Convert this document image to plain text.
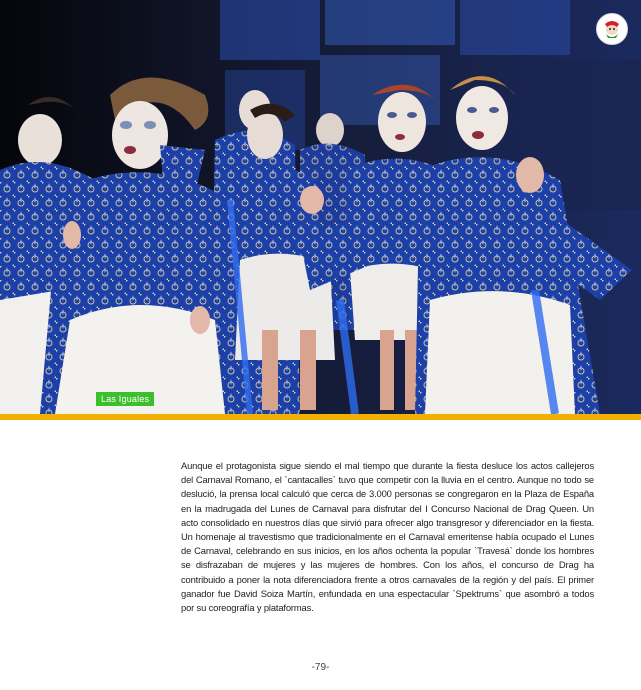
Las Iguales

Aunque el protagonista sigue siendo el mal tiempo que durante la fiesta desluce los actos callejeros del Carnaval Romano, el `cantacalles` tuvo que competir con la lluvia en el centro. Aunque no todo se deslució, la prensa local calculó que cerca de 3.000 personas se congregaron en la Plaza de España en la madrugada del Lunes de Carnaval para disfrutar del I Concurso Nacional de Drag Queen. Un acto consolidado en nuestros días que sirvió para ofrecer algo transgresor y diferenciador en la fiesta. Un homenaje al travestismo que tradicionalmente en el Carnaval emeritense había ocupado el Lunes de Carnaval, celebrando en sus inicios, en los años ochenta la popular `Travesá` donde los hombres se disfrazaban de mujeres y las mujeres de hombres. Con los años, el concurso de Drag ha contribuido a poner la nota diferenciadora frente a otros carnavales de la región y del país. El primer ganador fue David Soiza Martín, enfundada en una espectacular `Spektrums` que asombró a todos por su coreografía y plataformas.

-79-
